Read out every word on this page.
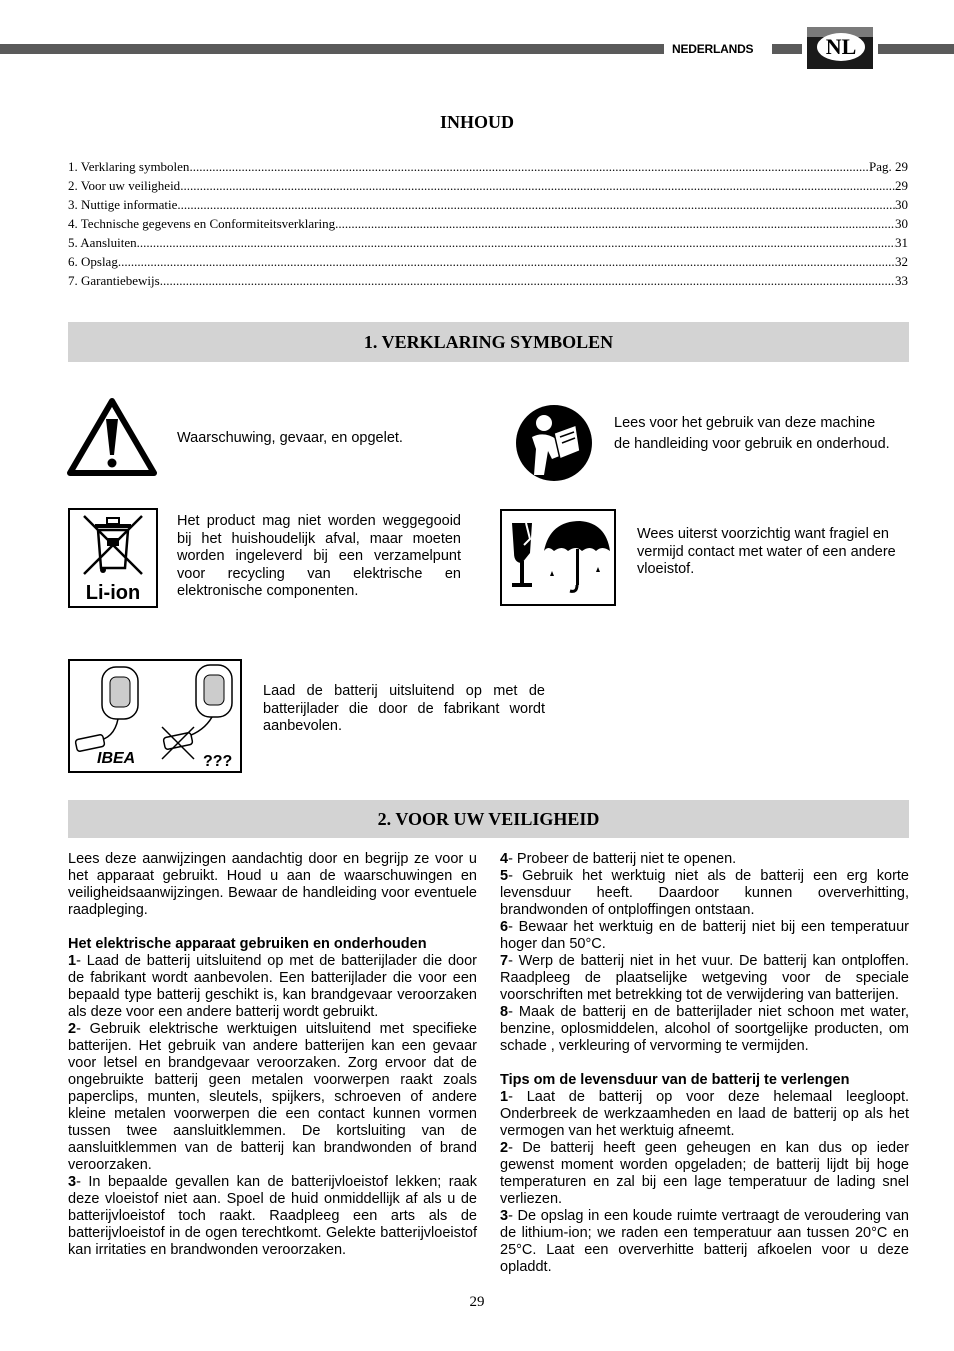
NEDERLANDS	NL
INHOUD
1. Verklaring symbolen .....	Pag. 29
2. Voor uw veiligheid .....	29
3. Nuttige informatie .....	30
4. Technische gegevens en Conformiteitsverklaring .....	30
5. Aansluiten .....	31
6. Opslag .....	32
7. Garantiebewijs .....	33
1. VERKLARING SYMBOLEN
Waarschuwing, gevaar, en opgelet.
Lees voor het gebruik van deze machine
de handleiding voor gebruik en onderhoud.
Li-ion
Het product mag niet worden weggegooid bij het huishoudelijk afval, maar moeten worden ingeleverd bij een verzamelpunt voor recycling van elektrische en elektronische componenten.
Wees uiterst voorzichtig want fragiel en vermijd contact met water of een andere vloeistof.
IBEA	???
Laad de batterij uitsluitend op met de batterijlader die door de fabrikant wordt aanbevolen.
2. VOOR UW VEILIGHEID

Lees deze aanwijzingen aandachtig door en begrijp ze voor u het apparaat gebruikt. Houd u aan de waarschuwingen en veiligheidsaanwijzingen. Bewaar de handleiding voor eventuele raadpleging.

Het elektrische apparaat gebruiken en onderhouden

1- Laad de batterij uitsluitend op met de batterijlader die door de fabrikant wordt aanbevolen. Een batterijlader die voor een bepaald type batterij geschikt is, kan brandgevaar veroorzaken als deze voor een andere batterij wordt gebruikt.

2- Gebruik elektrische werktuigen uitsluitend met specifieke batterijen. Het gebruik van andere batterijen kan een gevaar voor letsel en brandgevaar veroorzaken. Zorg ervoor dat de ongebruikte batterij geen metalen voorwerpen raakt zoals paperclips, munten, sleutels, spijkers, schroeven of andere kleine metalen voorwerpen die een contact kunnen vormen tussen twee aansluitklemmen. De kortsluiting van de aansluitklemmen van de batterij kan brandwonden of brand veroorzaken.

3- In bepaalde gevallen kan de batterijvloeistof lekken; raak deze vloeistof niet aan. Spoel de huid onmiddellijk af als u de batterijvloeistof toch raakt. Raadpleeg een arts als de batterijvloeistof in de ogen terechtkomt. Gelekte batterijvloeistof kan irritaties en brandwonden veroorzaken.

4- Probeer de batterij niet te openen.

5- Gebruik het werktuig niet als de batterij een erg korte levensduur heeft. Daardoor kunnen oververhitting, brandwonden of ontploffingen ontstaan.

6- Bewaar het werktuig en de batterij niet bij een temperatuur hoger dan 50°C.

7- Werp de batterij niet in het vuur. De batterij kan ontploffen. Raadpleeg de plaatselijke wetgeving voor de speciale voorschriften met betrekking tot de verwijdering van batterijen.

8- Maak de batterij en de batterijlader niet schoon met water, benzine, oplosmiddelen, alcohol of soortgelijke producten, om schade , verkleuring of vervorming te vermijden.

Tips om de levensduur van de batterij te verlengen

1- Laat de batterij op voor deze helemaal leegloopt. Onderbreek de werkzaamheden en laad de batterij op als het vermogen van het werktuig afneemt.

2- De batterij heeft geen geheugen en kan dus op ieder gewenst moment worden opgeladen; de batterij lijdt bij hoge temperaturen en zal bij een lage temperatuur de lading snel verliezen.

3- De opslag in een koude ruimte vertraagt de veroudering van de lithium-ion; we raden een temperatuur aan tussen 20°C en 25°C. Laat een oververhitte batterij afkoelen voor u deze opladdt.

29
